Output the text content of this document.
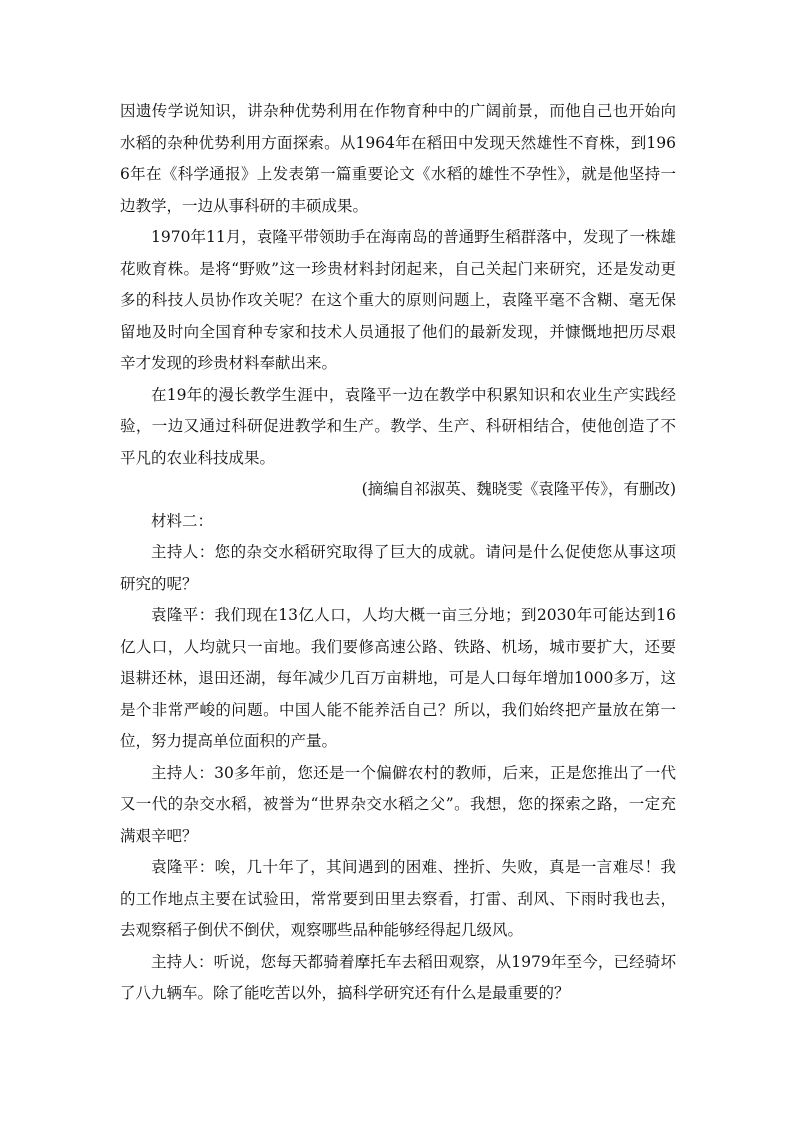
因遗传学说知识，讲杂种优势利用在作物育种中的广阔前景，而他自己也开始向水稻的杂种优势利用方面探索。从1964年在稻田中发现天然雄性不育株，到1966年在《科学通报》上发表第一篇重要论文《水稻的雄性不孕性》，就是他坚持一边教学，一边从事科研的丰硕成果。

1970年11月，袁隆平带领助手在海南岛的普通野生稻群落中，发现了一株雄花败育株。是将“野败”这一珍贵材料封闭起来，自己关起门来研究，还是发动更多的科技人员协作攻关呢？在这个重大的原则问题上，袁隆平毫不含糊、毫无保留地及时向全国育种专家和技术人员通报了他们的最新发现，并慷慨地把历尽艰辛才发现的珍贵材料奉献出来。

在19年的漫长教学生涯中，袁隆平一边在教学中积累知识和农业生产实践经验，一边又通过科研促进教学和生产。教学、生产、科研相结合，使他创造了不平凡的农业科技成果。

(摘编自祁淑英、魏晓雯《袁隆平传》，有删改)

材料二：

主持人：您的杂交水稻研究取得了巨大的成就。请问是什么促使您从事这项研究的呢？

袁隆平：我们现在13亿人口，人均大概一亩三分地；到2030年可能达到16亿人口，人均就只一亩地。我们要修高速公路、铁路、机场，城市要扩大，还要退耕还林，退田还湖，每年减少几百万亩耕地，可是人口每年增加1000多万，这是个非常严峻的问题。中国人能不能养活自己？所以，我们始终把产量放在第一位，努力提高单位面积的产量。

主持人：30多年前，您还是一个偏僻农村的教师，后来，正是您推出了一代又一代的杂交水稻，被誉为“世界杂交水稻之父”。我想，您的探索之路，一定充满艰辛吧？

袁隆平：唉，几十年了，其间遇到的困难、挫折、失败，真是一言难尽！我的工作地点主要在试验田，常常要到田里去察看，打雷、刮风、下雨时我也去，去观察稻子倒伏不倒伏，观察哪些品种能够经得起几级风。

主持人：听说，您每天都骑着摩托车去稻田观察，从1979年至今，已经骑坏了八九辆车。除了能吃苦以外，搞科学研究还有什么是最重要的？
